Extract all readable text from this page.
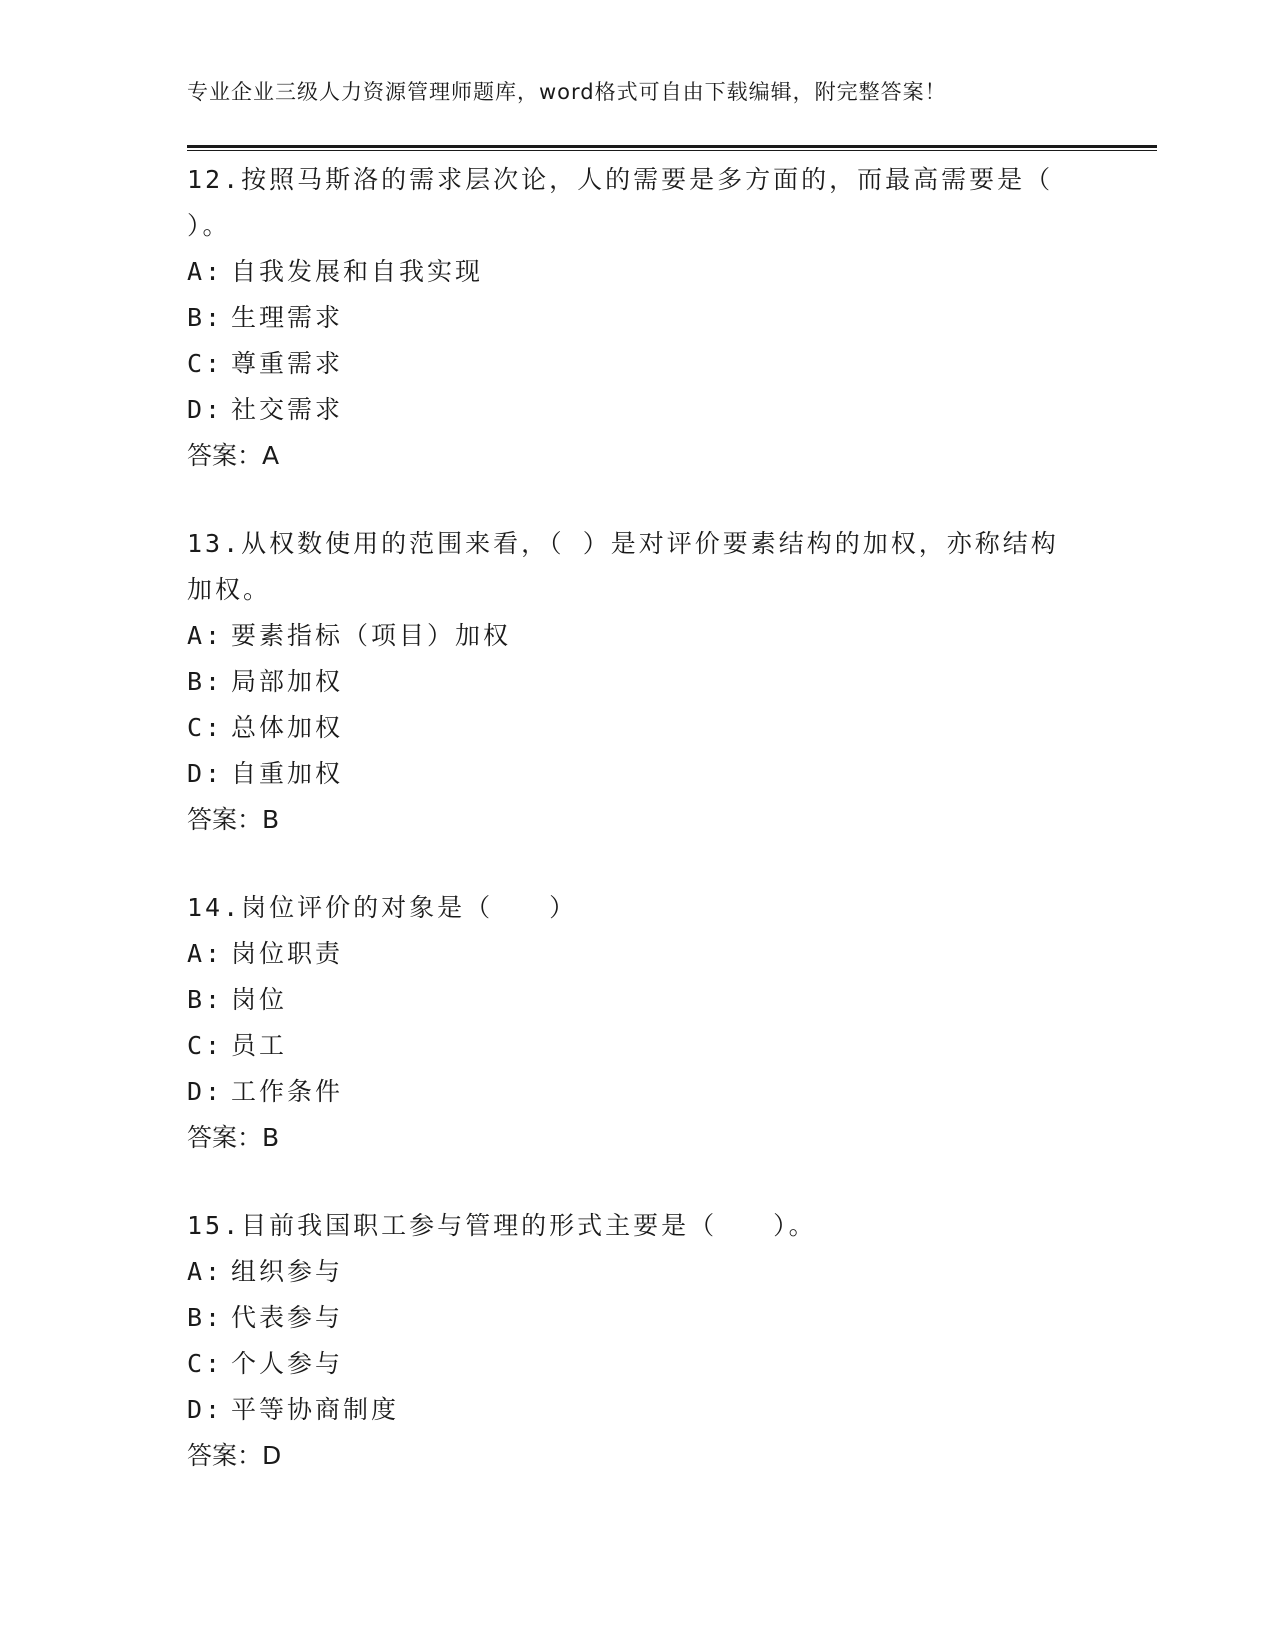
专业企业三级人力资源管理师题库，word格式可自由下载编辑，附完整答案！

12.按照马斯洛的需求层次论，人的需要是多方面的，而最高需要是（ ）。

A: 自我发展和自我实现

B: 生理需求

C: 尊重需求

D: 社交需求

答案：A

13.从权数使用的范围来看，（ ）是对评价要素结构的加权，亦称结构加权。

A: 要素指标（项目）加权

B: 局部加权

C: 总体加权

D: 自重加权

答案：B

14.岗位评价的对象是（　　）

A: 岗位职责

B: 岗位

C: 员工

D: 工作条件

答案：B

15.目前我国职工参与管理的形式主要是（　　）。

A: 组织参与

B: 代表参与

C: 个人参与

D: 平等协商制度

答案：D
